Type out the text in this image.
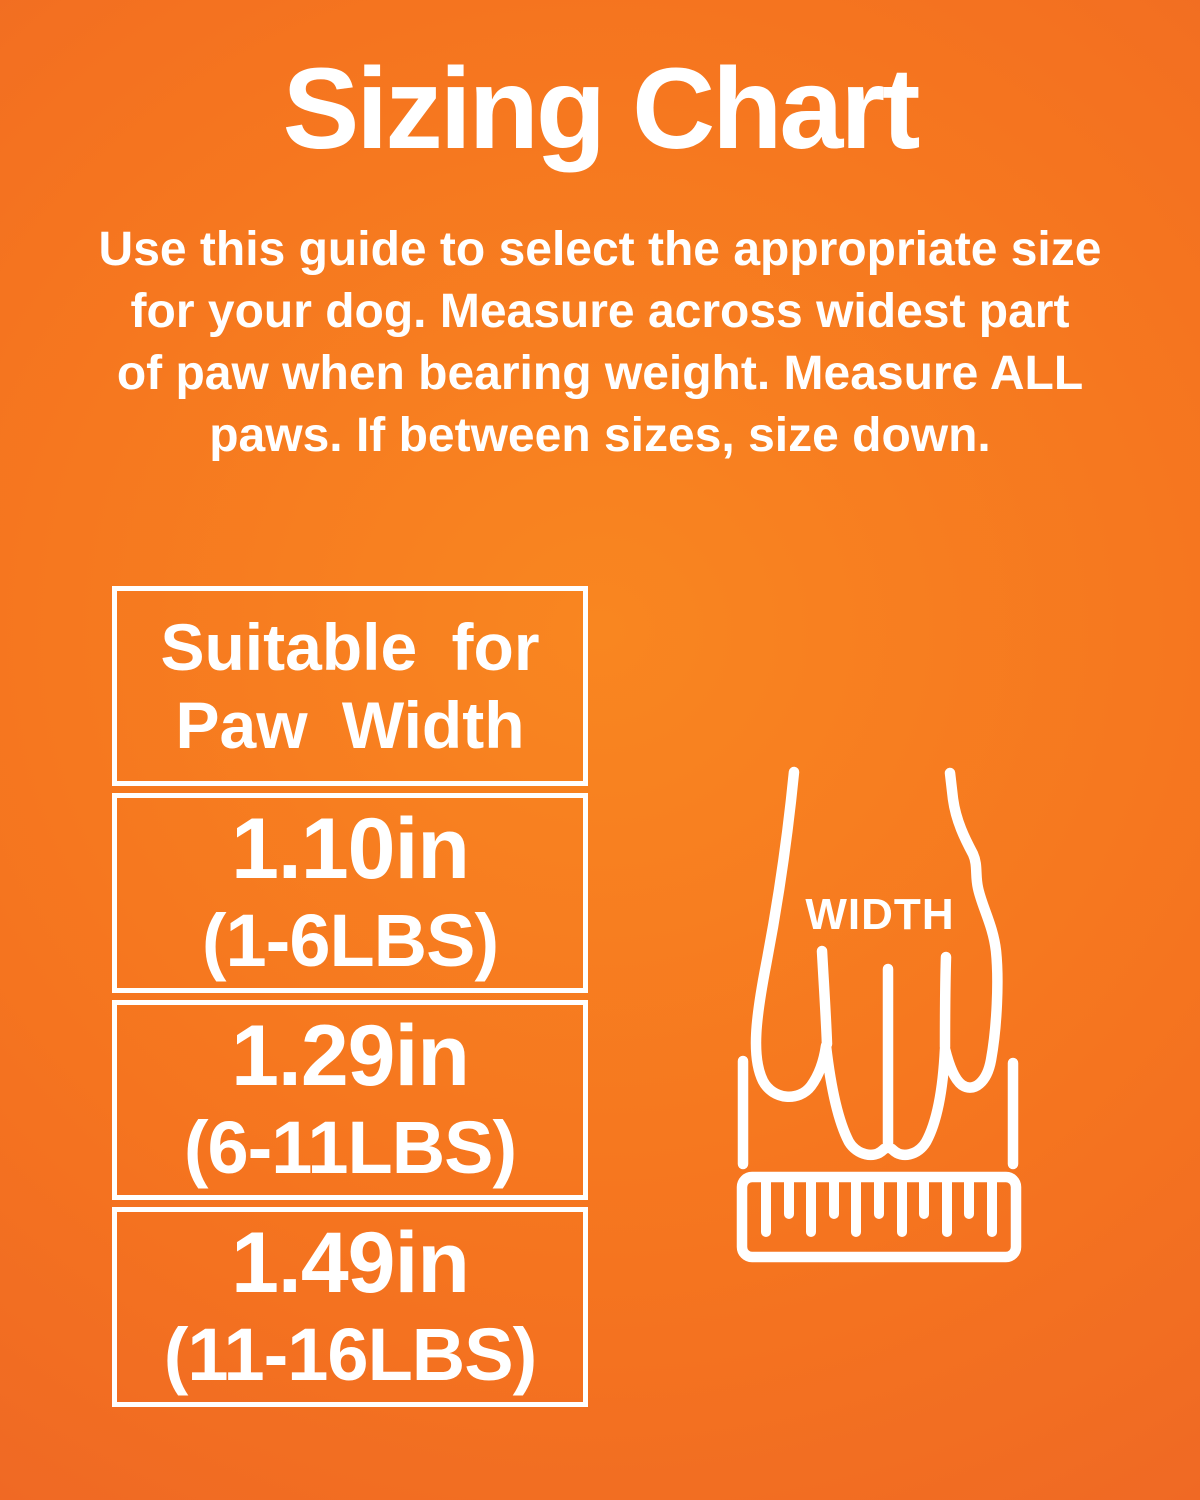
Sizing Chart
Use this guide to select the appropriate size
for your dog. Measure across widest part
of paw when bearing weight. Measure ALL
paws. If between sizes, size down.
Suitable for
Paw Width
1.10in
(1-6LBS)
1.29in
(6-11LBS)
1.49in
(11-16LBS)
WIDTH
